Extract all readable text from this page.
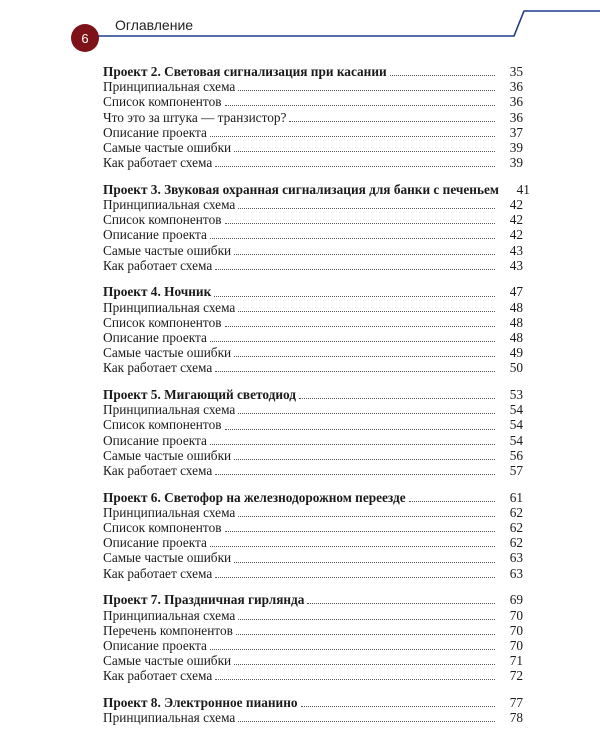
6
Оглавление
Проект 2. Световая сигнализация при касании	35
Принципиальная схема	36
Список компонентов	36
Что это за штука — транзистор?	36
Описание проекта	37
Самые частые ошибки	39
Как работает схема	39
Проект 3. Звуковая охранная сигнализация для банки с печеньем	41
Принципиальная схема	42
Список компонентов	42
Описание проекта	42
Самые частые ошибки	43
Как работает схема	43
Проект 4. Ночник	47
Принципиальная схема	48
Список компонентов	48
Описание проекта	48
Самые частые ошибки	49
Как работает схема	50
Проект 5. Мигающий светодиод	53
Принципиальная схема	54
Список компонентов	54
Описание проекта	54
Самые частые ошибки	56
Как работает схема	57
Проект 6. Светофор на железнодорожном переезде	61
Принципиальная схема	62
Список компонентов	62
Описание проекта	62
Самые частые ошибки	63
Как работает схема	63
Проект 7. Праздничная гирлянда	69
Принципиальная схема	70
Перечень компонентов	70
Описание проекта	70
Самые частые ошибки	71
Как работает схема	72
Проект 8. Электронное пианино	77
Принципиальная схема	78
